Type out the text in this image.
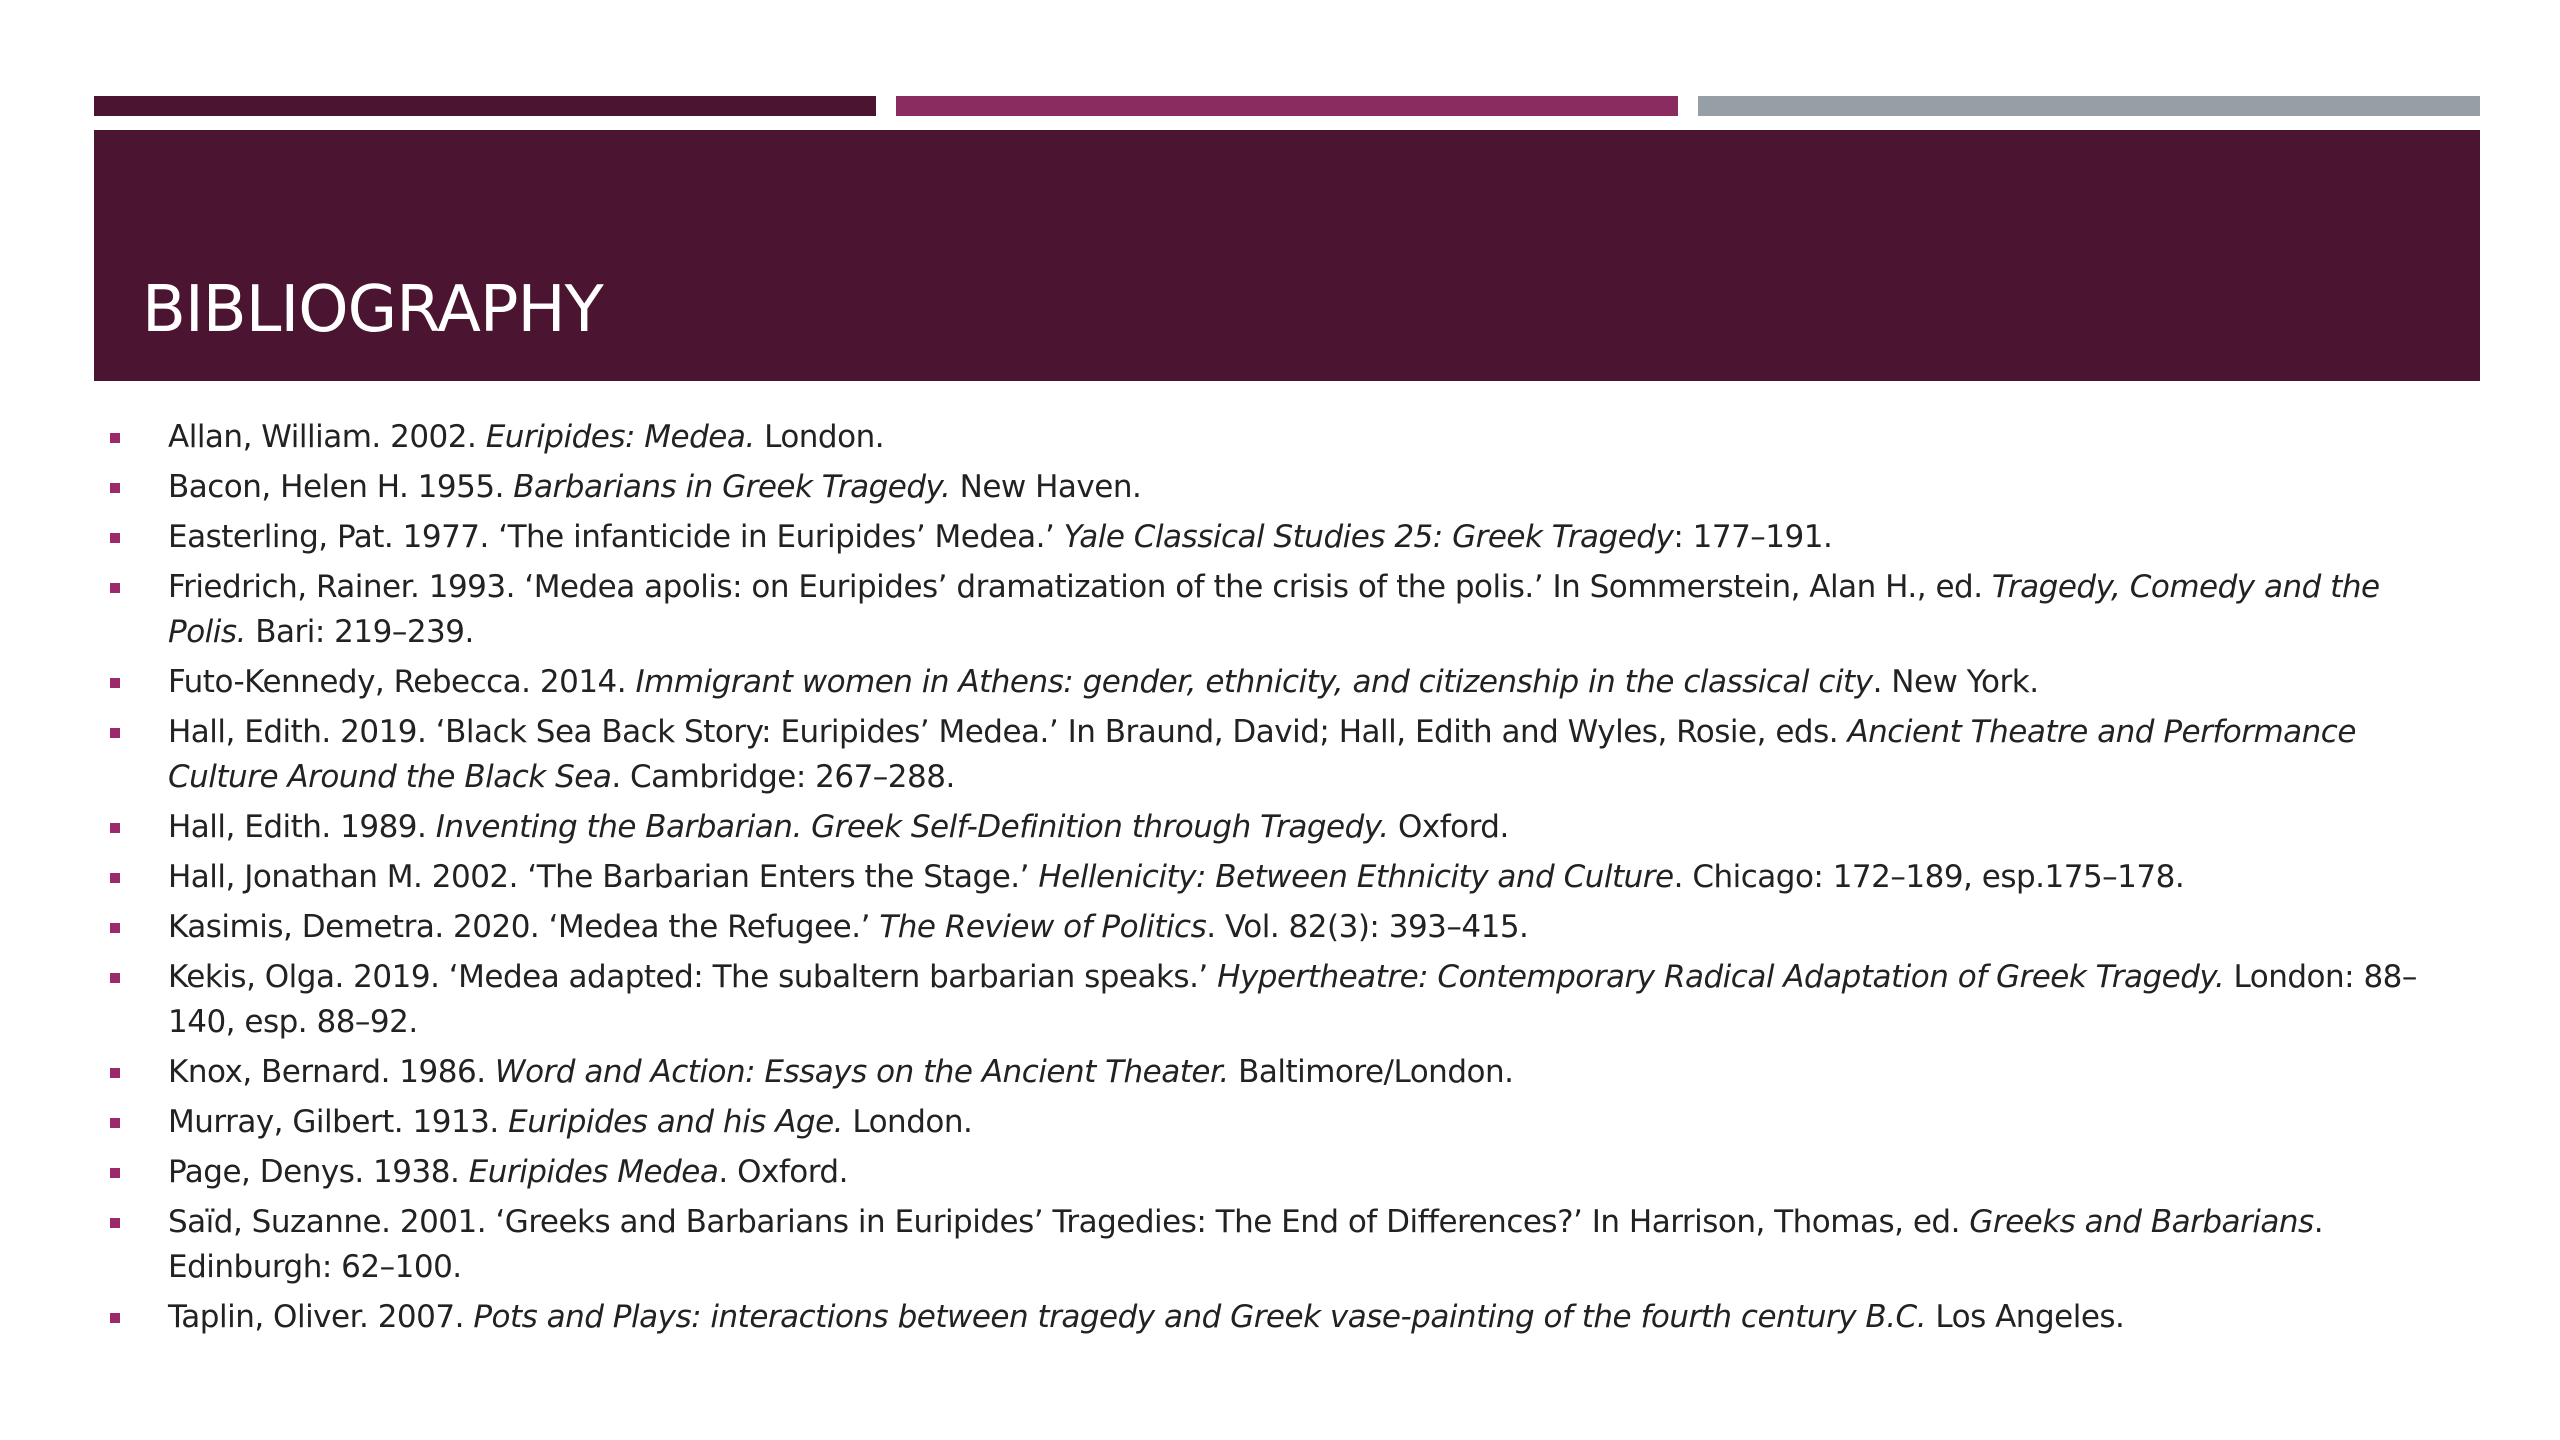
BIBLIOGRAPHY
Allan, William. 2002. Euripides: Medea. London.
Bacon, Helen H. 1955. Barbarians in Greek Tragedy. New Haven.
Easterling, Pat. 1977. ‘The infanticide in Euripides’ Medea.’ Yale Classical Studies 25: Greek Tragedy: 177–191.
Friedrich, Rainer. 1993. ‘Medea apolis: on Euripides’ dramatization of the crisis of the polis.’ In Sommerstein, Alan H., ed. Tragedy, Comedy and the Polis. Bari: 219–239.
Futo-Kennedy, Rebecca. 2014. Immigrant women in Athens: gender, ethnicity, and citizenship in the classical city. New York.
Hall, Edith. 2019. ‘Black Sea Back Story: Euripides’ Medea.’ In Braund, David; Hall, Edith and Wyles, Rosie, eds. Ancient Theatre and Performance Culture Around the Black Sea. Cambridge: 267–288.
Hall, Edith. 1989. Inventing the Barbarian. Greek Self-Definition through Tragedy. Oxford.
Hall, Jonathan M. 2002. ‘The Barbarian Enters the Stage.’ Hellenicity: Between Ethnicity and Culture. Chicago: 172–189, esp.175–178.
Kasimis, Demetra. 2020. ‘Medea the Refugee.’ The Review of Politics. Vol. 82(3): 393–415.
Kekis, Olga. 2019. ‘Medea adapted: The subaltern barbarian speaks.’ Hypertheatre: Contemporary Radical Adaptation of Greek Tragedy. London: 88–140, esp. 88–92.
Knox, Bernard. 1986. Word and Action: Essays on the Ancient Theater. Baltimore/London.
Murray, Gilbert. 1913. Euripides and his Age. London.
Page, Denys. 1938. Euripides Medea. Oxford.
Saïd, Suzanne. 2001. ‘Greeks and Barbarians in Euripides’ Tragedies: The End of Differences?’ In Harrison, Thomas, ed. Greeks and Barbarians. Edinburgh: 62–100.
Taplin, Oliver. 2007. Pots and Plays: interactions between tragedy and Greek vase-painting of the fourth century B.C. Los Angeles.
